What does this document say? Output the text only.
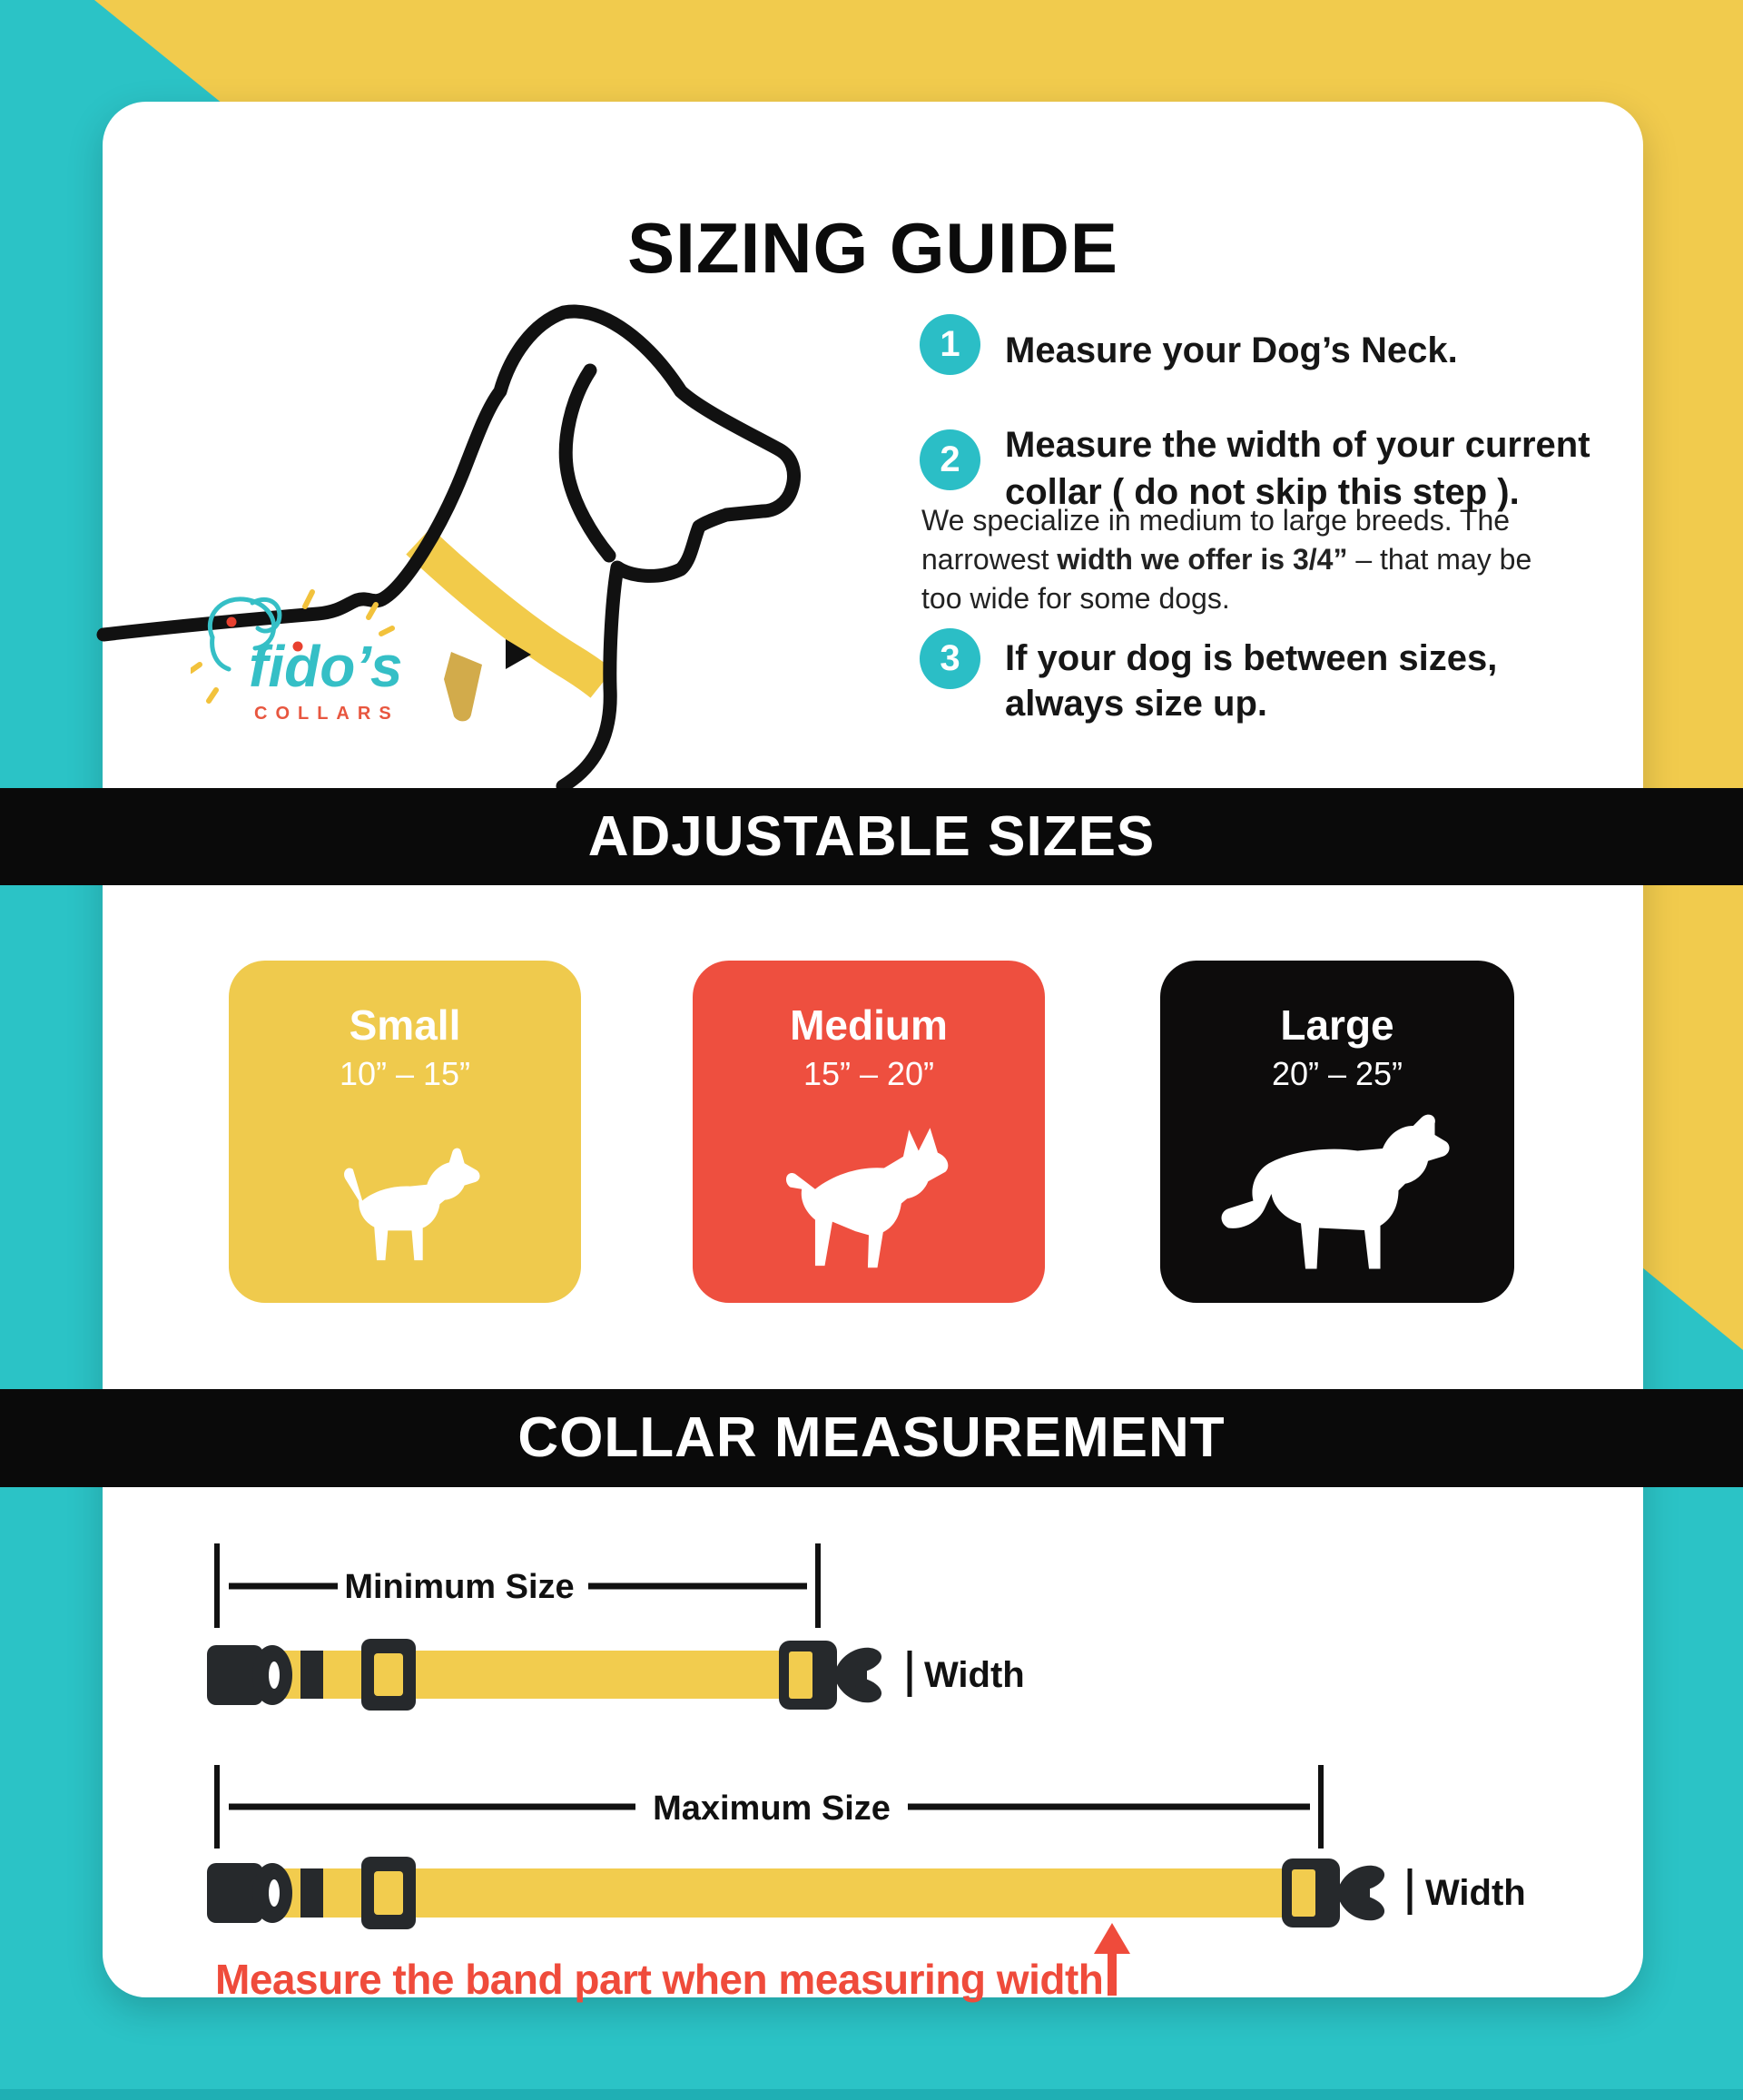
SIZING GUIDE
fido’s
COLLARS
1	Measure your Dog’s Neck.
2	Measure the width of your current
collar ( do not skip this step ).
We specialize in medium to large breeds. The narrowest width we offer is 3/4” – that may be too wide for some dogs.
3	If your dog is between sizes,
always size up.
ADJUSTABLE SIZES
Small
10” – 15”
Medium
15” – 20”
Large
20” – 25”
COLLAR MEASUREMENT
Minimum Size
Width
Maximum Size
Width
Measure the band part when measuring width
